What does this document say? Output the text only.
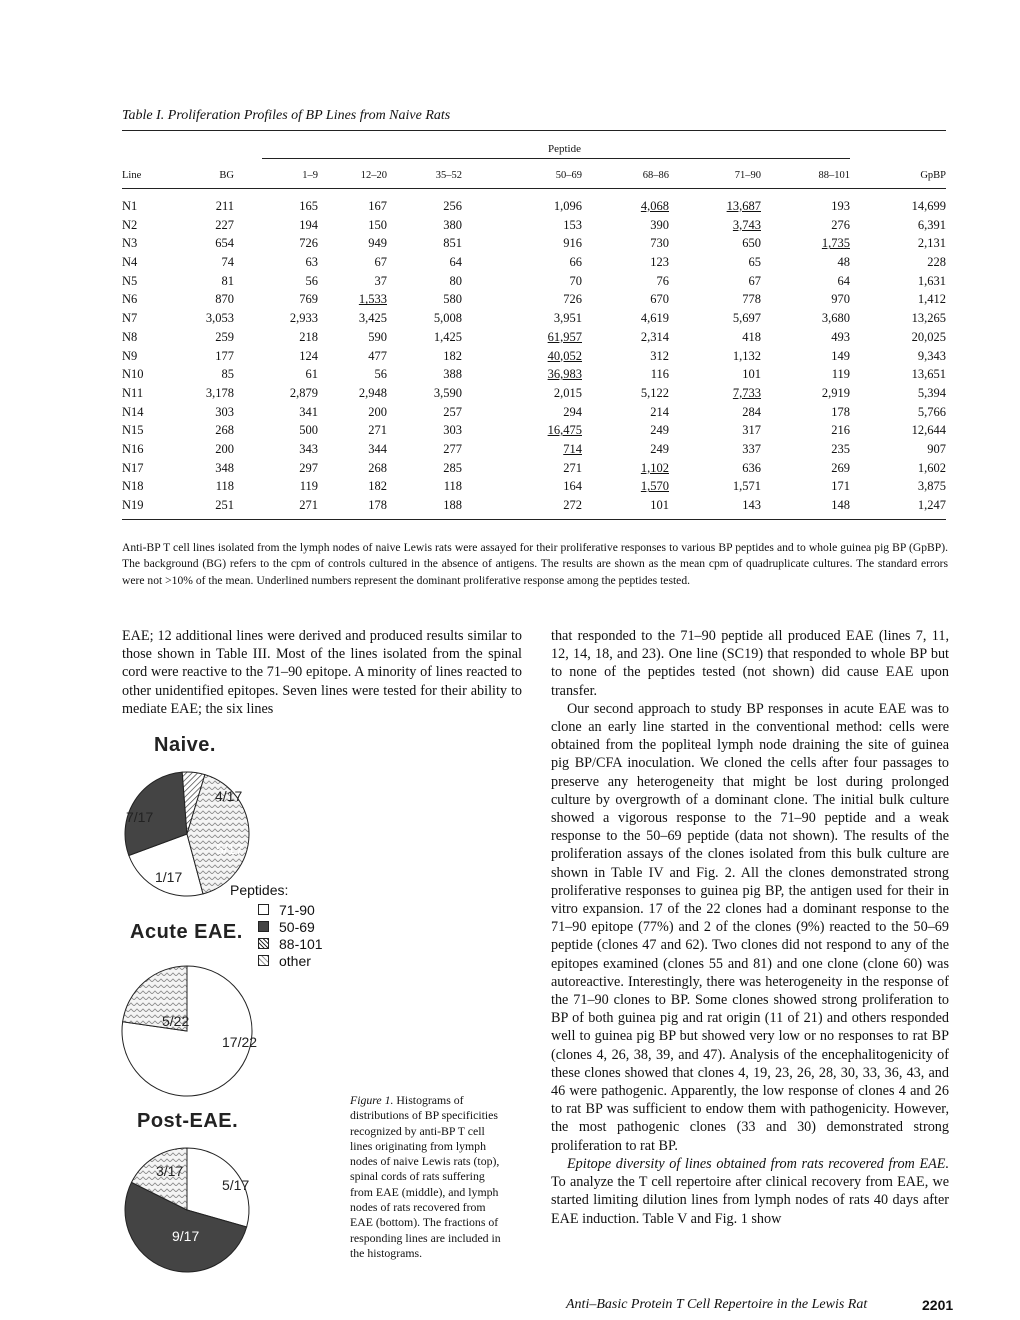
Table I. Proliferation Profiles of BP Lines from Naive Rats
Peptide
Line	BG	1–9	12–20	35–52	50–69	68–86	71–90	88–101	GpBP
N1	211	165	167	256	1,096	4,068	13,687	193	14,699
N2	227	194	150	380	153	390	3,743	276	6,391
N3	654	726	949	851	916	730	650	1,735	2,131
N4	74	63	67	64	66	123	65	48	228
N5	81	56	37	80	70	76	67	64	1,631
N6	870	769	1,533	580	726	670	778	970	1,412
N7	3,053	2,933	3,425	5,008	3,951	4,619	5,697	3,680	13,265
N8	259	218	590	1,425	61,957	2,314	418	493	20,025
N9	177	124	477	182	40,052	312	1,132	149	9,343
N10	85	61	56	388	36,983	116	101	119	13,651
N11	3,178	2,879	2,948	3,590	2,015	5,122	7,733	2,919	5,394
N14	303	341	200	257	294	214	284	178	5,766
N15	268	500	271	303	16,475	249	317	216	12,644
N16	200	343	344	277	714	249	337	235	907
N17	348	297	268	285	271	1,102	636	269	1,602
N18	118	119	182	118	164	1,570	1,571	171	3,875
N19	251	271	178	188	272	101	143	148	1,247
Anti-BP T cell lines isolated from the lymph nodes of naive Lewis rats were assayed for their proliferative responses to various BP peptides and to whole guinea pig BP (GpBP). The background (BG) refers to the cpm of controls cultured in the absence of antigens. The results are shown as the mean cpm of quadruplicate cultures. The standard errors were not >10% of the mean. Underlined numbers represent the dominant proliferative response among the peptides tested.

EAE; 12 additional lines were derived and produced results similar to those shown in Table III. Most of the lines isolated from the spinal cord were reactive to the 71–90 epitope. A minority of lines reacted to other unidentified epitopes. Seven lines were tested for their ability to mediate EAE; the six lines

Naive.
Acute EAE.
Post-EAE.
Peptides:
71-90
50-69
88-101
other
4/17
5/17
1/17
7/17
17/22
5/22
5/17
9/17
3/17
Figure 1. Histograms of distributions of BP specificities recognized by anti-BP T cell lines originating from lymph nodes of naive Lewis rats (top), spinal cords of rats suffering from EAE (middle), and lymph nodes of rats recovered from EAE (bottom). The fractions of responding lines are included in the histograms.

that responded to the 71–90 peptide all produced EAE (lines 7, 11, 12, 14, 18, and 23). One line (SC19) that responded to whole BP but to none of the peptides tested (not shown) did cause EAE upon transfer.

Our second approach to study BP responses in acute EAE was to clone an early line started in the conventional method: cells were obtained from the popliteal lymph node draining the site of guinea pig BP/CFA inoculation. We cloned the cells after four passages to preserve any heterogeneity that might be lost during prolonged culture by overgrowth of a dominant clone. The initial bulk culture showed a vigorous response to the 71–90 peptide and a weak response to the 50–69 peptide (data not shown). The results of the proliferation assays of the clones isolated from this bulk culture are shown in Table IV and Fig. 2. All the clones demonstrated strong proliferative responses to guinea pig BP, the antigen used for their in vitro expansion. 17 of the 22 clones had a dominant response to the 71–90 epitope (77%) and 2 of the clones (9%) reacted to the 50–69 peptide (clones 47 and 62). Two clones did not respond to any of the epitopes examined (clones 55 and 81) and one clone (clone 60) was autoreactive. Interestingly, there was heterogeneity in the response of the 71–90 clones to BP. Some clones showed strong proliferation to BP of both guinea pig and rat origin (11 of 21) and others responded well to guinea pig BP but showed very low or no responses to rat BP (clones 4, 26, 38, 39, and 47). Analysis of the encephalitogenicity of these clones showed that clones 4, 19, 23, 26, 28, 30, 33, 36, 43, and 46 were pathogenic. Apparently, the low response of clones 4 and 26 to rat BP was sufficient to endow them with pathogenicity. However, the most pathogenic clones (33 and 30) demonstrated strong proliferation to rat BP.

Epitope diversity of lines obtained from rats recovered from EAE. To analyze the T cell repertoire after clinical recovery from EAE, we started limiting dilution lines from lymph nodes of rats 40 days after EAE induction. Table V and Fig. 1 show

Anti–Basic Protein T Cell Repertoire in the Lewis Rat	2201
